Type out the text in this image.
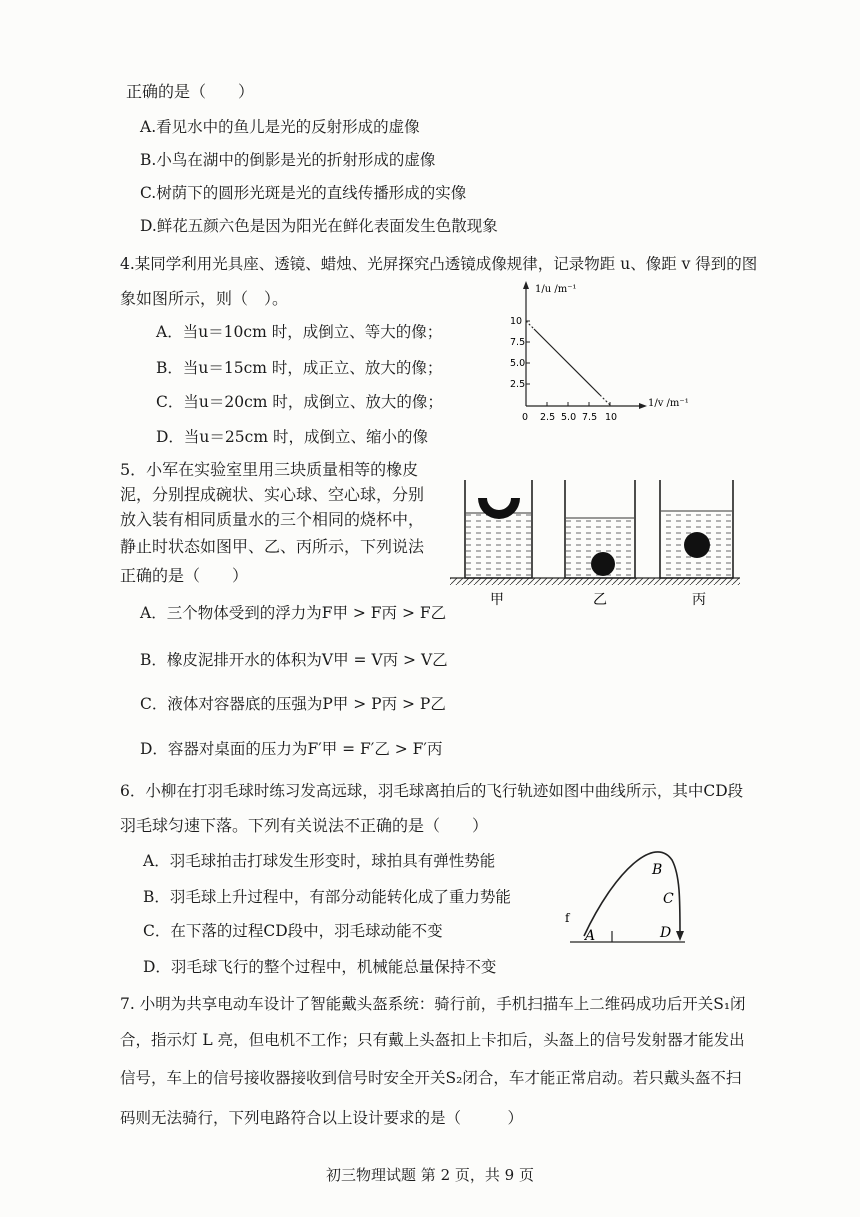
正确的是（　　）
A.看见水中的鱼儿是光的反射形成的虚像
B.小鸟在湖中的倒影是光的折射形成的虚像
C.树荫下的圆形光斑是光的直线传播形成的实像
D.鲜花五颜六色是因为阳光在鲜化表面发生色散现象
4.某同学利用光具座、透镜、蜡烛、光屏探究凸透镜成像规律，记录物距 u、像距 v 得到的图
象如图所示，则（　）。
A．当u＝10cm 时，成倒立、等大的像；
B．当u＝15cm 时，成正立、放大的像；
C．当u＝20cm 时，成倒立、放大的像；
D．当u＝25cm 时，成倒立、缩小的像
1/u /m⁻¹
10
7.5
5.0
2.5
0 2.5 5.0 7.5 10
1/v /m⁻¹
5．小军在实验室里用三块质量相等的橡皮
泥，分别捏成碗状、实心球、空心球，分别
放入装有相同质量水的三个相同的烧杯中，
静止时状态如图甲、乙、丙所示，下列说法
正确的是（　　）
甲	乙	丙
A．三个物体受到的浮力为F甲 > F丙 > F乙
B．橡皮泥排开水的体积为V甲 = V丙 > V乙
C．液体对容器底的压强为P甲 > P丙 > P乙
D．容器对桌面的压力为F′甲 = F′乙 > F′丙
6．小柳在打羽毛球时练习发高远球，羽毛球离拍后的飞行轨迹如图中曲线所示，其中CD段
羽毛球匀速下落。下列有关说法不正确的是（　　）
A．羽毛球拍击打球发生形变时，球拍具有弹性势能
B．羽毛球上升过程中，有部分动能转化成了重力势能
C．在下落的过程CD段中，羽毛球动能不变
D．羽毛球飞行的整个过程中，机械能总量保持不变
f
A
B
C
D
7. 小明为共享电动车设计了智能戴头盔系统：骑行前，手机扫描车上二维码成功后开关S₁闭
合，指示灯 L 亮，但电机不工作；只有戴上头盔扣上卡扣后，头盔上的信号发射器才能发出
信号，车上的信号接收器接收到信号时安全开关S₂闭合，车才能正常启动。若只戴头盔不扫
码则无法骑行，下列电路符合以上设计要求的是（　　　）
初三物理试题 第 2 页，共 9 页
